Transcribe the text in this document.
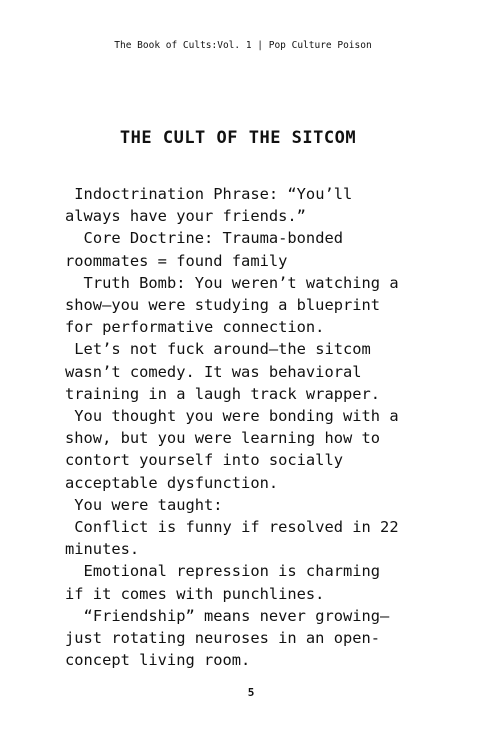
The Book of Cults:Vol. 1 | Pop Culture Poison
THE CULT OF THE SITCOM

Indoctrination Phrase: “You’ll always have your friends.”

Core Doctrine: Trauma-bonded roommates = found family

Truth Bomb: You weren’t watching a show—you were studying a blueprint for performative connection.

Let’s not fuck around—the sitcom wasn’t comedy. It was behavioral training in a laugh track wrapper.

You thought you were bonding with a show, but you were learning how to contort yourself into socially acceptable dysfunction.

You were taught:

Conflict is funny if resolved in 22 minutes.

Emotional repression is charming if it comes with punchlines.

“Friendship” means never growing—just rotating neuroses in an open-concept living room.

5
